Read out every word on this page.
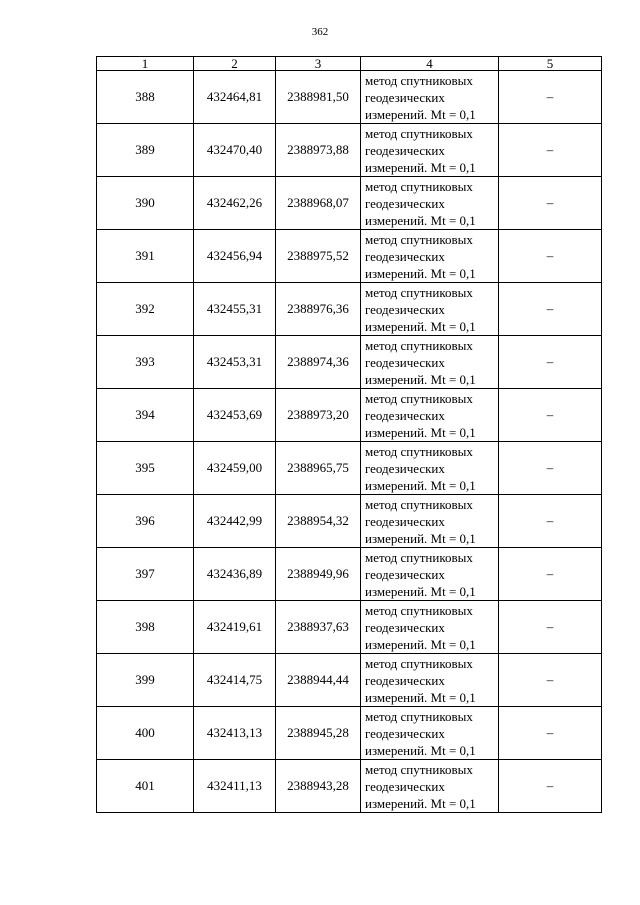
362
1	2	3	4	5
388	432464,81	2388981,50	метод спутниковых
геодезических
измерений. Mt = 0,1	–
389	432470,40	2388973,88	метод спутниковых
геодезических
измерений. Mt = 0,1	–
390	432462,26	2388968,07	метод спутниковых
геодезических
измерений. Mt = 0,1	–
391	432456,94	2388975,52	метод спутниковых
геодезических
измерений. Mt = 0,1	–
392	432455,31	2388976,36	метод спутниковых
геодезических
измерений. Mt = 0,1	–
393	432453,31	2388974,36	метод спутниковых
геодезических
измерений. Mt = 0,1	–
394	432453,69	2388973,20	метод спутниковых
геодезических
измерений. Mt = 0,1	–
395	432459,00	2388965,75	метод спутниковых
геодезических
измерений. Mt = 0,1	–
396	432442,99	2388954,32	метод спутниковых
геодезических
измерений. Mt = 0,1	–
397	432436,89	2388949,96	метод спутниковых
геодезических
измерений. Mt = 0,1	–
398	432419,61	2388937,63	метод спутниковых
геодезических
измерений. Mt = 0,1	–
399	432414,75	2388944,44	метод спутниковых
геодезических
измерений. Mt = 0,1	–
400	432413,13	2388945,28	метод спутниковых
геодезических
измерений. Mt = 0,1	–
401	432411,13	2388943,28	метод спутниковых
геодезических
измерений. Mt = 0,1	–
